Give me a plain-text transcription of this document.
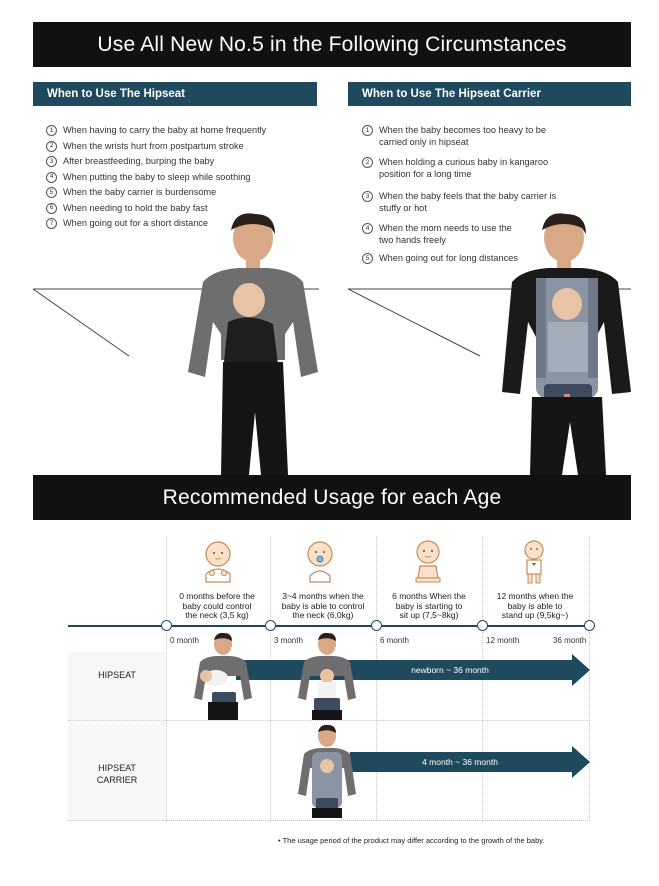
Use All New No.5 in the Following Circumstances
When to Use The Hipseat	When to Use The Hipseat Carrier
1	When having to carry the baby at home frequently
2	When the wrists hurt from postpartum stroke
3	After breastfeeding, burping the baby
4	When putting the baby to sleep while soothing
5	When the baby carrier is burdensome
6	When needing to hold the baby fast
7	When going out for a short distance
1	When the baby becomes too heavy to be
carried only in hipseat
2	When holding a curious baby in kangaroo
position for a long time
3	When the baby feels that the baby carrier is
stuffy or hot
4	When the mom needs to use the
two hands freely
5	When going out for long distances
Recommended Usage for each Age
0 months before the
baby could control
the neck (3,5 kg)
3~4 months when the
baby is able to control
the neck (6,0kg)
6 months When the
baby is starting to
sit up (7,5~8kg)
12 months when the
baby is able to
stand up (9,5kg~)
0 month	3 month	6 month	12 month	36 month
HIPSEAT
HIPSEAT
CARRIER
newborn ~ 36 month
4 month ~ 36 month
• The usage period of the product may differ according to the growth of the baby.
